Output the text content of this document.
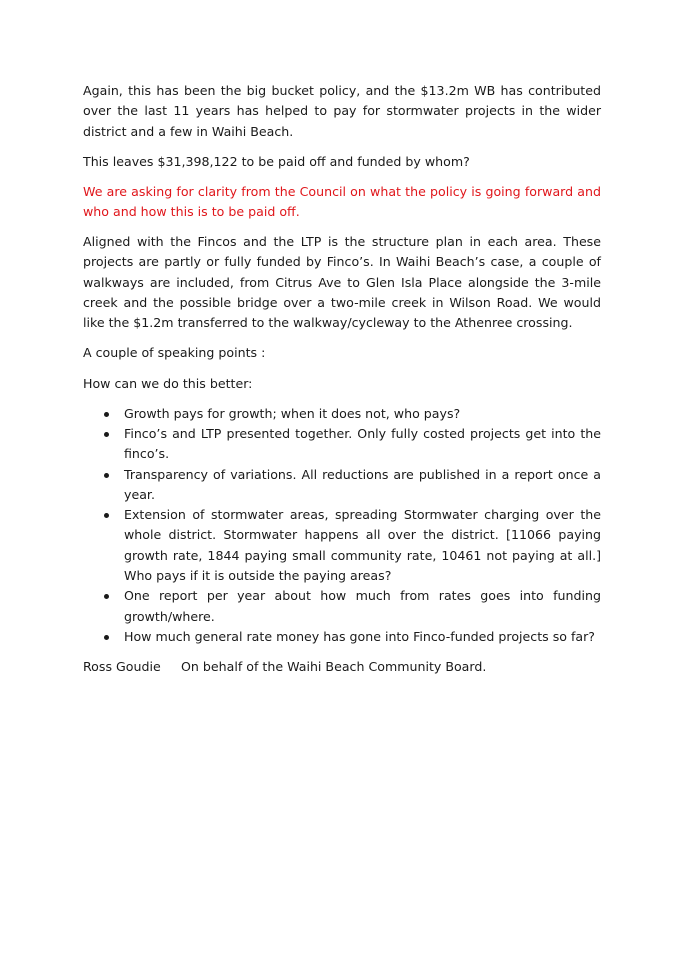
Again, this has been the big bucket policy, and the $13.2m WB has contributed over the last 11 years has helped to pay for stormwater projects in the wider district and a few in Waihi Beach.

This leaves $31,398,122 to be paid off and funded by whom?

We are asking for clarity from the Council on what the policy is going forward and who and how this is to be paid off.

Aligned with the Fincos and the LTP is the structure plan in each area. These projects are partly or fully funded by Finco’s. In Waihi Beach’s case, a couple of walkways are included, from Citrus Ave to Glen Isla Place alongside the 3-mile creek and the possible bridge over a two-mile creek in Wilson Road. We would like the $1.2m transferred to the walkway/cycleway to the Athenree crossing.

A couple of speaking points :

How can we do this better:

Growth pays for growth; when it does not, who pays?
Finco’s and LTP presented together. Only fully costed projects get into the finco’s.
Transparency of variations. All reductions are published in a report once a year.
Extension of stormwater areas, spreading Stormwater charging over the whole district. Stormwater happens all over the district. [11066 paying growth rate, 1844 paying small community rate, 10461 not paying at all.] Who pays if it is outside the paying areas?
One report per year about how much from rates goes into funding growth/where.
How much general rate money has gone into Finco-funded projects so far?

Ross Goudie On behalf of the Waihi Beach Community Board.
